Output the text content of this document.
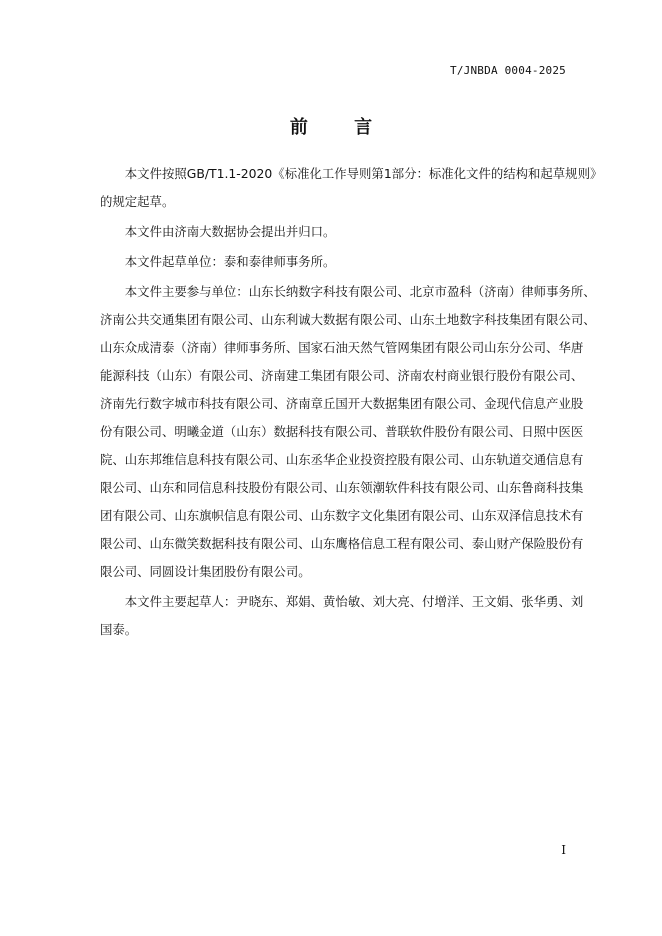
T/JNBDA 0004-2025
前 言

本文件按照GB/T1.1-2020《标准化工作导则第1部分：标准化文件的结构和起草规则》
的规定起草。

本文件由济南大数据协会提出并归口。

本文件起草单位：泰和泰律师事务所。

本文件主要参与单位：山东长纳数字科技有限公司、北京市盈科（济南）律师事务所、
济南公共交通集团有限公司、山东利诚大数据有限公司、山东土地数字科技集团有限公司、
山东众成清泰（济南）律师事务所、国家石油天然气管网集团有限公司山东分公司、华唐
能源科技（山东）有限公司、济南建工集团有限公司、济南农村商业银行股份有限公司、
济南先行数字城市科技有限公司、济南章丘国开大数据集团有限公司、金现代信息产业股
份有限公司、明曦金道（山东）数据科技有限公司、普联软件股份有限公司、日照中医医
院、山东邦维信息科技有限公司、山东丞华企业投资控股有限公司、山东轨道交通信息有
限公司、山东和同信息科技股份有限公司、山东领潮软件科技有限公司、山东鲁商科技集
团有限公司、山东旗帜信息有限公司、山东数字文化集团有限公司、山东双泽信息技术有
限公司、山东微笑数据科技有限公司、山东鹰格信息工程有限公司、泰山财产保险股份有
限公司、同圆设计集团股份有限公司。

本文件主要起草人：尹晓东、郑娟、黄怡敏、刘大亮、付增洋、王文娟、张华勇、刘
国泰。

I
